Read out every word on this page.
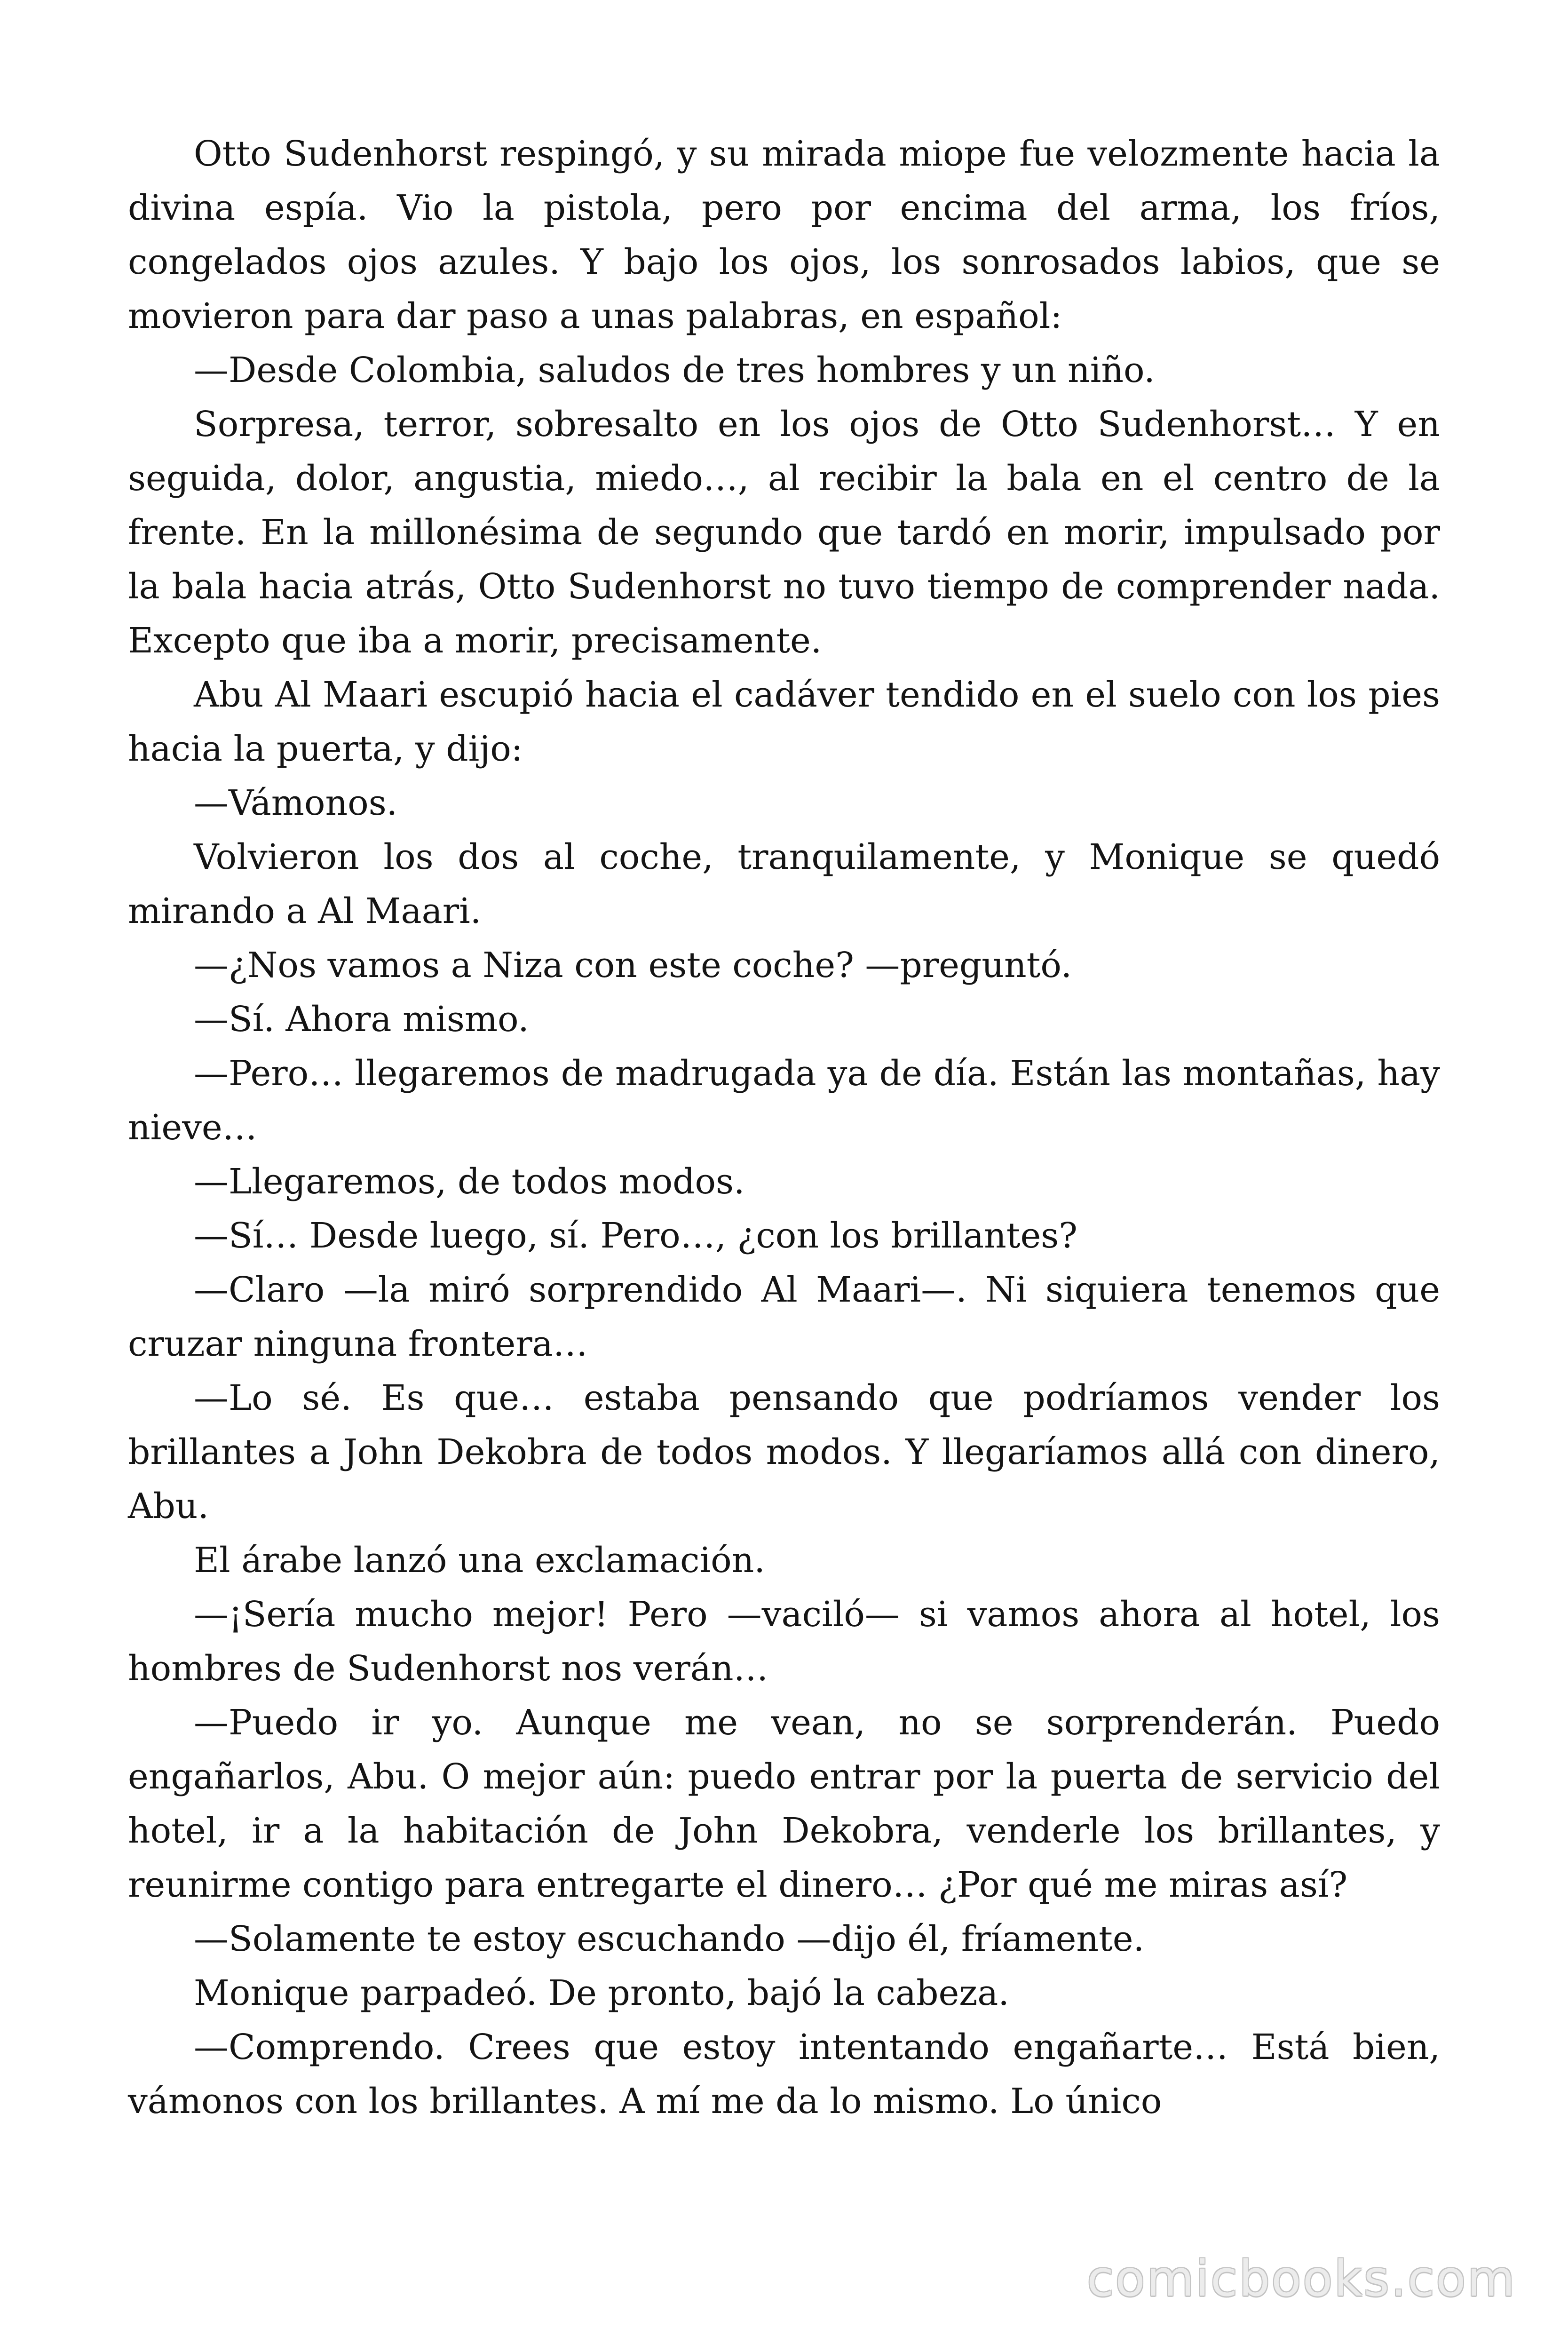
Otto Sudenhorst respingó, y su mirada miope fue velozmente hacia la divina espía. Vio la pistola, pero por encima del arma, los fríos, congelados ojos azules. Y bajo los ojos, los sonrosados labios, que se movieron para dar paso a unas palabras, en español:

—Desde Colombia, saludos de tres hombres y un niño.

Sorpresa, terror, sobresalto en los ojos de Otto Sudenhorst… Y en seguida, dolor, angustia, miedo…, al recibir la bala en el centro de la frente. En la millonésima de segundo que tardó en morir, impulsado por la bala hacia atrás, Otto Sudenhorst no tuvo tiempo de comprender nada. Excepto que iba a morir, precisamente.

Abu Al Maari escupió hacia el cadáver tendido en el suelo con los pies hacia la puerta, y dijo:

—Vámonos.

Volvieron los dos al coche, tranquilamente, y Monique se quedó mirando a Al Maari.

—¿Nos vamos a Niza con este coche? —preguntó.

—Sí. Ahora mismo.

—Pero… llegaremos de madrugada ya de día. Están las montañas, hay nieve…

—Llegaremos, de todos modos.

—Sí… Desde luego, sí. Pero…, ¿con los brillantes?

—Claro —la miró sorprendido Al Maari—. Ni siquiera tenemos que cruzar ninguna frontera…

—Lo sé. Es que… estaba pensando que podríamos vender los brillantes a John Dekobra de todos modos. Y llegaríamos allá con dinero, Abu.

El árabe lanzó una exclamación.

—¡Sería mucho mejor! Pero —vaciló— si vamos ahora al hotel, los hombres de Sudenhorst nos verán…

—Puedo ir yo. Aunque me vean, no se sorprenderán. Puedo engañarlos, Abu. O mejor aún: puedo entrar por la puerta de servicio del hotel, ir a la habitación de John Dekobra, venderle los brillantes, y reunirme contigo para entregarte el dinero… ¿Por qué me miras así?

—Solamente te estoy escuchando —dijo él, fríamente.

Monique parpadeó. De pronto, bajó la cabeza.

—Comprendo. Crees que estoy intentando engañarte… Está bien, vámonos con los brillantes. A mí me da lo mismo. Lo único

comicbooks.com
